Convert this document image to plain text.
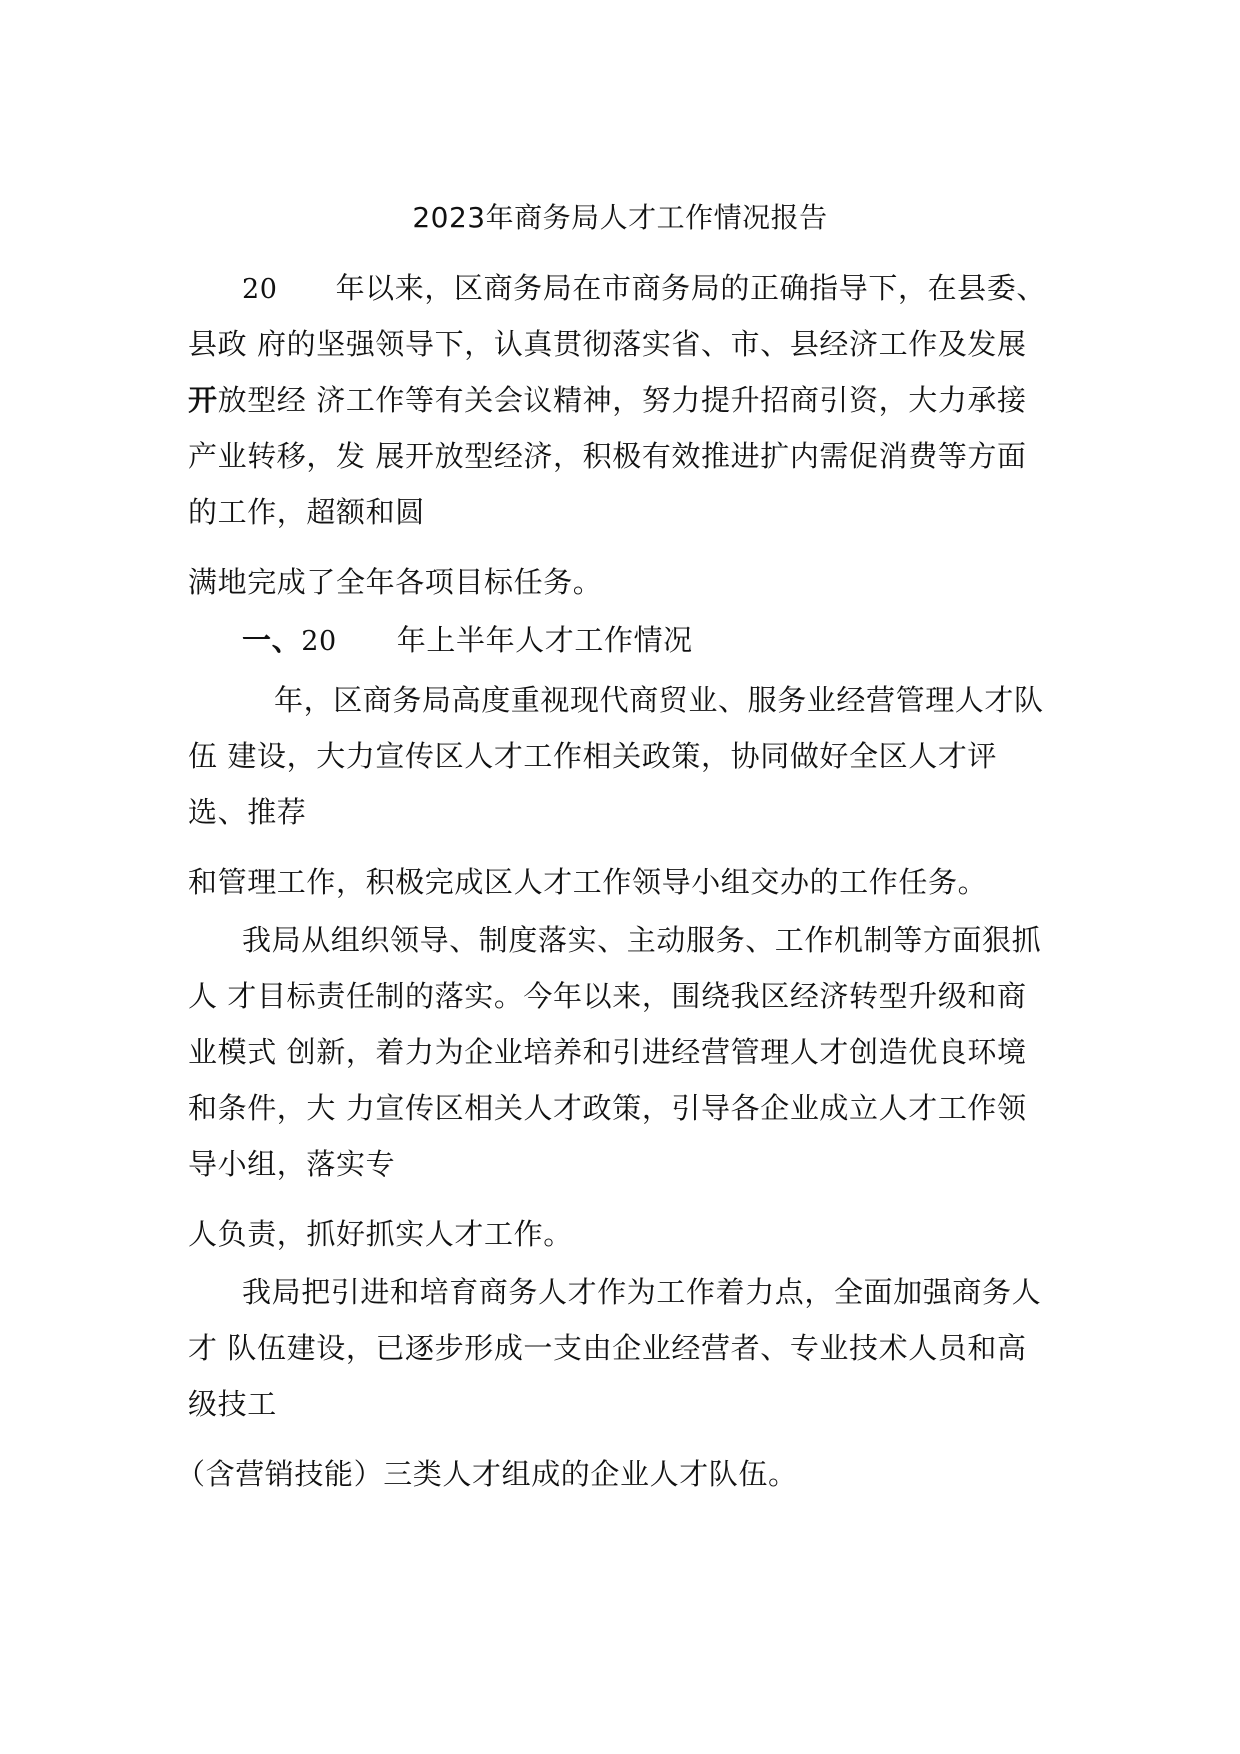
2023年商务局人才工作情况报告
20 年以来，区商务局在市商务局的正确指导下，在县委、
县政 府的坚强领导下，认真贯彻落实省、市、县经济工作及发展
开放型经 济工作等有关会议精神，努力提升招商引资，大力承接
产业转移，发 展开放型经济，积极有效推进扩内需促消费等方面
的工作，超额和圆
满地完成了全年各项目标任务。
一、20 年上半年人才工作情况
年，区商务局高度重视现代商贸业、服务业经营管理人才队
伍 建设，大力宣传区人才工作相关政策，协同做好全区人才评
选、推荐
和管理工作，积极完成区人才工作领导小组交办的工作任务。
我局从组织领导、制度落实、主动服务、工作机制等方面狠抓
人 才目标责任制的落实。今年以来，围绕我区经济转型升级和商
业模式 创新，着力为企业培养和引进经营管理人才创造优良环境
和条件，大 力宣传区相关人才政策，引导各企业成立人才工作领
导小组，落实专
人负责，抓好抓实人才工作。
我局把引进和培育商务人才作为工作着力点，全面加强商务人
才 队伍建设，已逐步形成一支由企业经营者、专业技术人员和高
级技工
（含营销技能）三类人才组成的企业人才队伍。
